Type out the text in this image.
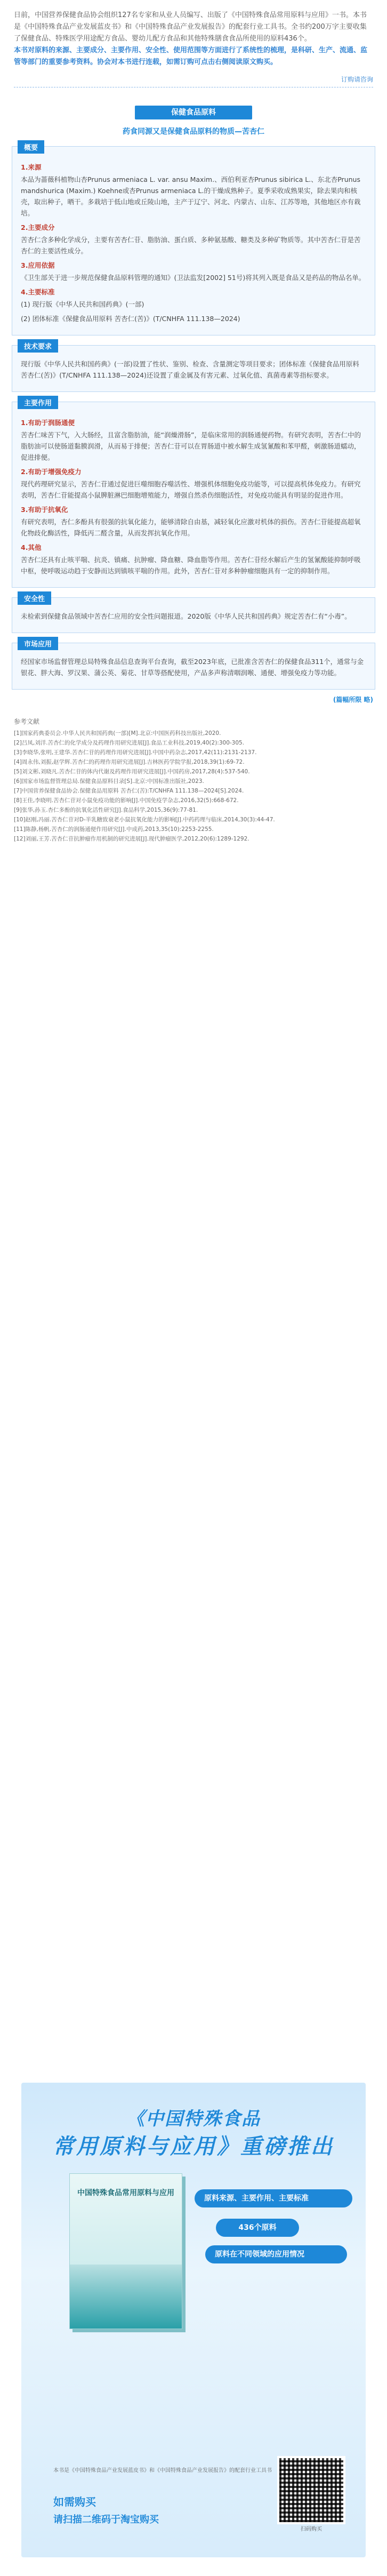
日前，中国营养保健食品协会组织127名专家和从业人员编写、出版了《中国特殊食品常用原料与应用》一书。本书是《中国特殊食品产业发展蓝皮书》和《中国特殊食品产业发展报告》的配套行业工具书。全书约200万字主要收集了保健食品、特殊医学用途配方食品、婴幼儿配方食品和其他特殊膳食食品所使用的原料436个。
本书对原料的来源、主要成分、主要作用、安全性、使用范围等方面进行了系统性的梳理，是科研、生产、流通、监管等部门的重要参考资料。协会对本书进行连载，如需订购可点击右侧阅读原文购买。
订购请咨询
保健食品原料
药食同源又是保健食品原料的物质—苦杏仁
概要
1.来源
本品为蔷薇科植物山杏Prunus armeniaca L. var. ansu Maxim.、西伯利亚杏Prunus sibirica L.、东北杏Prunus mandshurica (Maxim.) Koehne或杏Prunus armeniaca L.的干燥成熟种子。夏季采收成熟果实，除去果肉和核壳，取出种子，晒干。多栽培于低山地或丘陵山地，主产于辽宁、河北、内蒙古、山东、江苏等地，其他地区亦有栽培。
2.主要成分
苦杏仁含多种化学成分，主要有苦杏仁苷、脂肪油、蛋白质、多种氨基酸、糖类及多种矿物质等。其中苦杏仁苷是苦杏仁的主要活性成分。
3.应用依据
《卫生部关于进一步规范保健食品原料管理的通知》(卫法监发[2002] 51号)将其列入既是食品又是药品的物品名单。
4.主要标准
(1) 现行版《中华人民共和国药典》(一部)
(2) 团体标准《保健食品用原料 苦杏仁(苦)》(T/CNHFA 111.138—2024)
技术要求
现行版《中华人民共和国药典》(一部)设置了性状、鉴别、检查、含量测定等项目要求；团体标准《保健食品用原料 苦杏仁(苦)》(T/CNHFA 111.138—2024)还设置了重金属及有害元素、过氧化值、真菌毒素等指标要求。
主要作用
1.有助于润肠通便
苦杏仁味苦下气，入大肠经，且富含脂肪油，能“润燥滑肠”，是临床常用的润肠通便药物。有研究表明，苦杏仁中的脂肪油可以使肠道黏膜润滑，从而易于排便；苦杏仁苷可以在胃肠道中被水解生成氢氰酸和苯甲醛，刺激肠道蠕动，促进排便。
2.有助于增强免疫力
现代药理研究显示，苦杏仁苷通过促进巨噬细胞吞噬活性、增强机体细胞免疫功能等，可以提高机体免疫力。有研究表明，苦杏仁苷能提高小鼠脾脏淋巴细胞增殖能力，增强自然杀伤细胞活性，对免疫功能具有明显的促进作用。
3.有助于抗氧化
有研究表明，杏仁多酚具有很强的抗氧化能力，能够清除自由基，减轻氧化应激对机体的损伤。苦杏仁苷能提高超氧化物歧化酶活性，降低丙二醛含量，从而发挥抗氧化作用。
4.其他
苦杏仁还具有止咳平喘、抗炎、镇痛、抗肿瘤、降血糖、降血脂等作用。苦杏仁苷经水解后产生的氢氰酸能抑制呼吸中枢，使呼吸运动趋于安静而达到镇咳平喘的作用。此外，苦杏仁苷对多种肿瘤细胞具有一定的抑制作用。
安全性
未检索到保健食品领域中苦杏仁应用的安全性问题报道。2020版《中华人民共和国药典》规定苦杏仁有“小毒”。
市场应用
经国家市场监督管理总局特殊食品信息查询平台查询，截至2023年底，已批准含苦杏仁的保健食品311个，通常与金银花、胖大海、罗汉果、蒲公英、菊花、甘草等搭配使用，产品多声称清咽润喉、通便、增强免疫力等功能。
(篇幅所限 略)
参考文献
[1]国家药典委员会.中华人民共和国药典(一部)[M].北京:中国医药科技出版社,2020.
[2]吕凤,刘洋.苦杏仁的化学成分及药理作用研究进展[J].食品工业科技,2019,40(2):300-305.
[3]李晓华,张明,王建华.苦杏仁苷的药理作用研究进展[J].中国中药杂志,2017,42(11):2131-2137.
[4]周永伟,刘振,赵学辉.苦杏仁的药理作用研究进展[J].吉林医药学院学报,2018,39(1):69-72.
[5]刘文彬,刘晓凡.苦杏仁苷的体内代谢及药理作用研究进展[J].中国药房,2017,28(4):537-540.
[6]国家市场监督管理总局.保健食品原料目录[S].北京:中国标准出版社,2023.
[7]中国营养保健食品协会.保健食品用原料 苦杏仁(苦):T/CNHFA 111.138—2024[S].2024.
[8]王佳,李晓明.苦杏仁苷对小鼠免疫功能的影响[J].中国免疫学杂志,2016,32(5):668-672.
[9]张华,孙玉.杏仁多酚的抗氧化活性研究[J].食品科学,2015,36(9):77-81.
[10]赵刚,冯丽.苦杏仁苷对D-半乳糖致衰老小鼠抗氧化能力的影响[J].中药药理与临床,2014,30(3):44-47.
[11]陈静,杨帆.苦杏仁的润肠通便作用研究[J].中成药,2013,35(10):2253-2255.
[12]刘丽,王芳.苦杏仁苷抗肿瘤作用机制的研究进展[J].现代肿瘤医学,2012,20(6):1289-1292.
《中国特殊食品
常用原料与应用》重磅推出
中国特殊食品常用原料与应用
原料来源、主要作用、主要标准
436个原料
原料在不同领域的应用情况
本书是《中国特殊食品产业发展蓝皮书》和《中国特殊食品产业发展报告》的配套行业工具书
如需购买
请扫描二维码于淘宝购买
扫码购买
